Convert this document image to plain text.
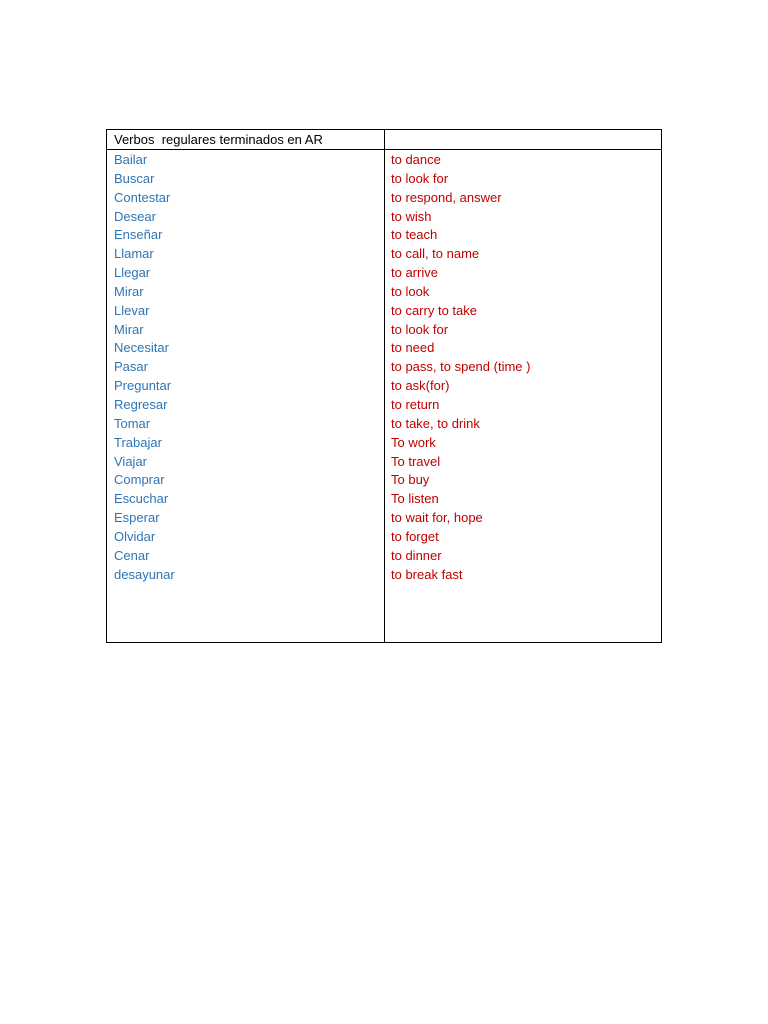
Verbos  regulares terminados en AR
Bailar	to dance
Buscar	to look for
Contestar	to respond, answer
Desear	to wish
Enseñar	to teach
Llamar	to call, to name
Llegar	to arrive
Mirar	to look
Llevar	to carry to take
Mirar	to look for
Necesitar	to need
Pasar	to pass, to spend (time )
Preguntar	to ask(for)
Regresar	to return
Tomar	to take, to drink
Trabajar	To work
Viajar	To travel
Comprar	To buy
Escuchar	To listen
Esperar	to wait for, hope
Olvidar	to forget
Cenar	to dinner
desayunar	to break fast
